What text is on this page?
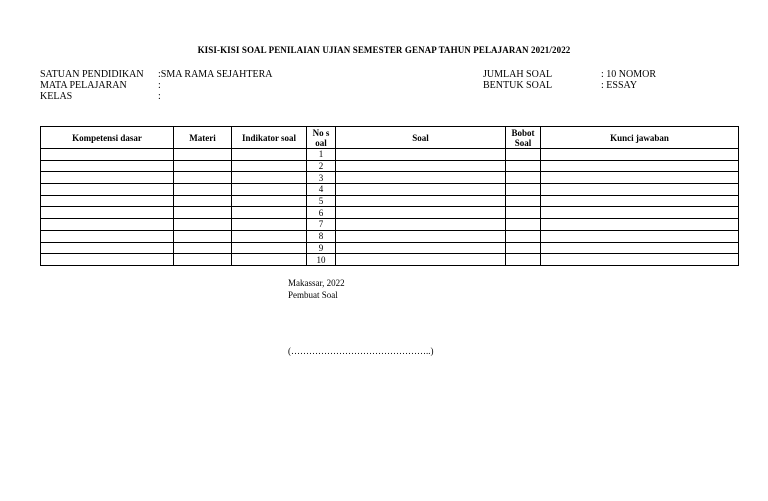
KISI-KISI SOAL PENILAIAN UJIAN SEMESTER GENAP TAHUN PELAJARAN 2021/2022
SATUAN PENDIDIKAN	:SMA RAMA SEJAHTERA
MATA PELAJARAN	:
KELAS	:
JUMLAH SOAL	: 10 NOMOR
BENTUK SOAL	: ESSAY
Kompetensi dasar	Materi	Indikator soal	No s oal	Soal	Bobot Soal	Kunci jawaban
			1			
			2			
			3			
			4			
			5			
			6			
			7			
			8			
			9			
			10			
Makassar, 2022
Pembuat Soal
(………………………………………..)
